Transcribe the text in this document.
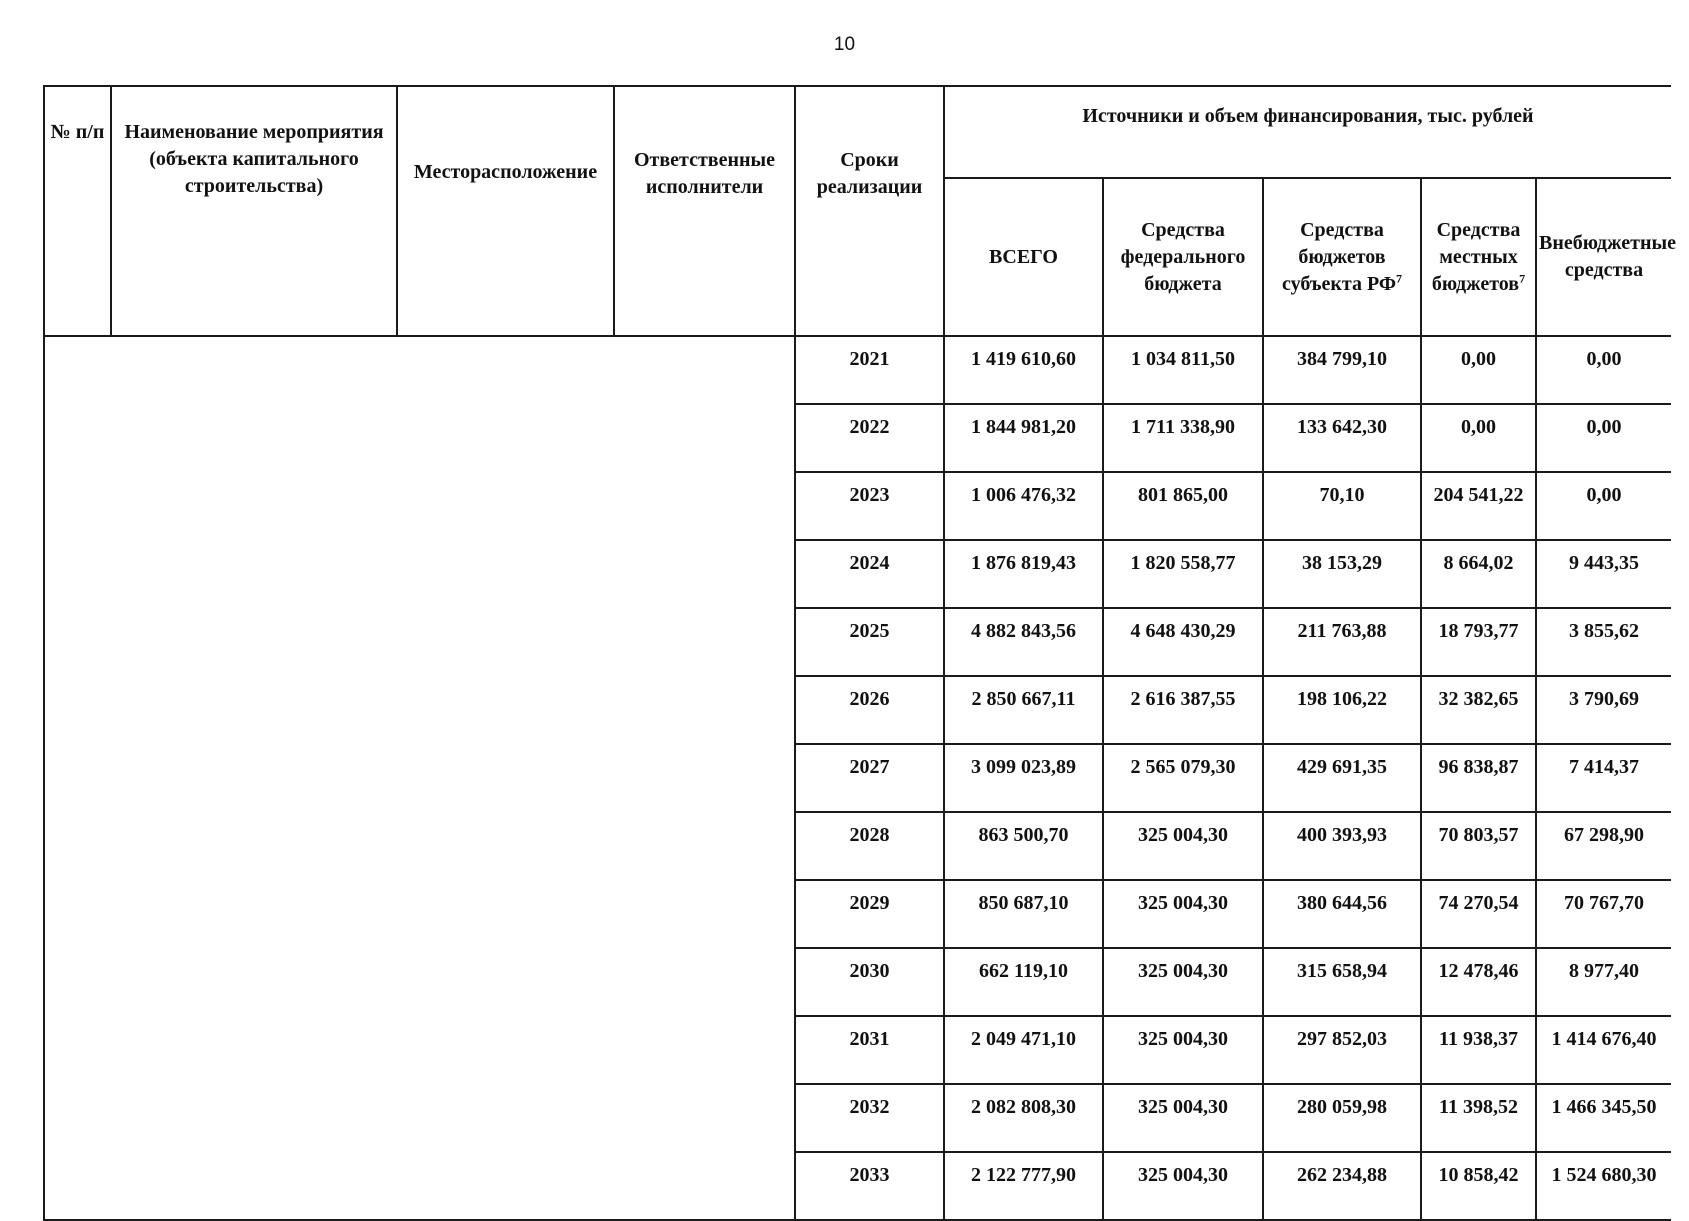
10
№ п/п	Наименование мероприятия (объекта капитального строительства)	Месторасположение	Ответственные исполнители	Сроки реализации	Источники и объем финансирования, тыс. рублей				
					ВСЕГО	Средства федерального бюджета	Средства бюджетов субъекта $РФ^7$	Средства местных бюджетов$^7$	Внебюджетные средства
				2021	1 419 610,60	1 034 811,50	384 799,10	0,00	0,00
				2022	1 844 981,20	1 711 338,90	133 642,30	0,00	0,00
				2023	1 006 476,32	801 865,00	70,10	204 541,22	0,00
				2024	1 876 819,43	1 820 558,77	38 153,29	8 664,02	9 443,35
				2025	4 882 843,56	4 648 430,29	211 763,88	18 793,77	3 855,62
				2026	2 850 667,11	2 616 387,55	198 106,22	32 382,65	3 790,69
				2027	3 099 023,89	2 565 079,30	429 691,35	96 838,87	7 414,37
				2028	863 500,70	325 004,30	400 393,93	70 803,57	67 298,90
				2029	850 687,10	325 004,30	380 644,56	74 270,54	70 767,70
				2030	662 119,10	325 004,30	315 658,94	12 478,46	8 977,40
				2031	2 049 471,10	325 004,30	297 852,03	11 938,37	1 414 676,40
				2032	2 082 808,30	325 004,30	280 059,98	11 398,52	1 466 345,50
				2033	2 122 777,90	325 004,30	262 234,88	10 858,42	1 524 680,30
